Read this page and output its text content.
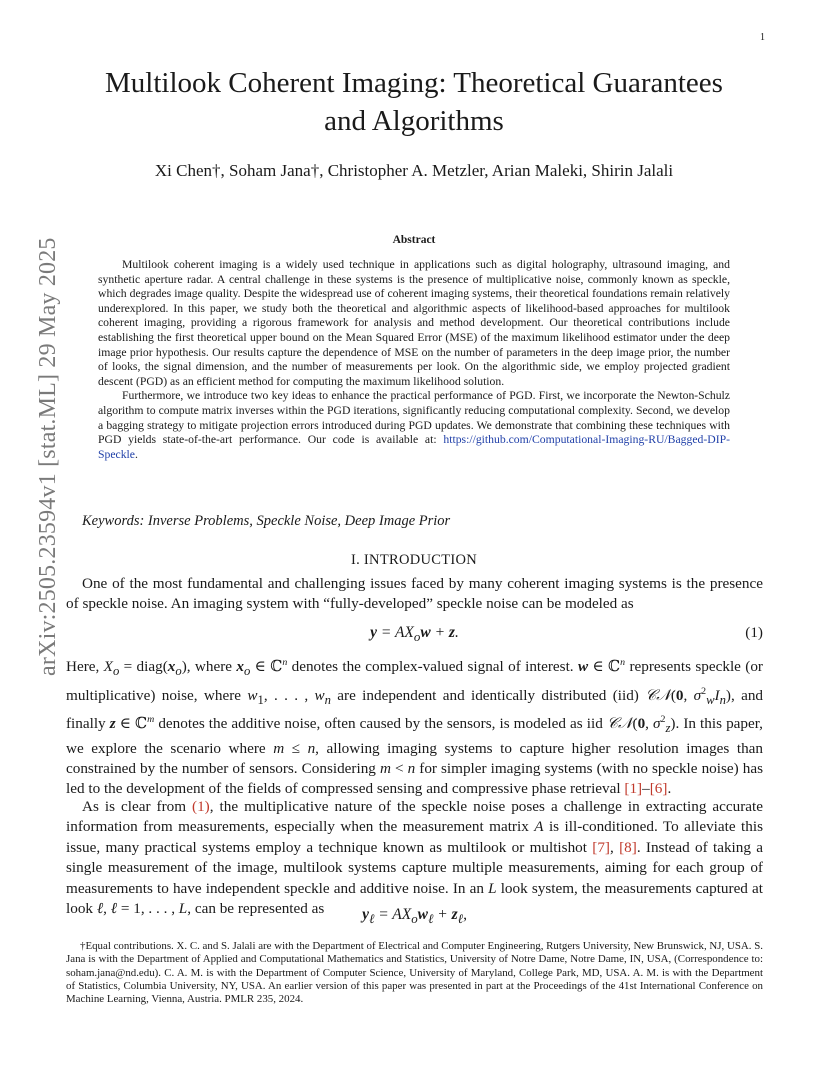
1
arXiv:2505.23594v1 [stat.ML] 29 May 2025
Multilook Coherent Imaging: Theoretical Guarantees
and Algorithms
Xi Chen†, Soham Jana†, Christopher A. Metzler, Arian Maleki, Shirin Jalali
Abstract

Multilook coherent imaging is a widely used technique in applications such as digital holography, ultrasound imaging, and synthetic aperture radar. A central challenge in these systems is the presence of multiplicative noise, commonly known as speckle, which degrades image quality. Despite the widespread use of coherent imaging systems, their theoretical foundations remain relatively underexplored. In this paper, we study both the theoretical and algorithmic aspects of likelihood-based approaches for multilook coherent imaging, providing a rigorous framework for analysis and method development. Our theoretical contributions include establishing the first theoretical upper bound on the Mean Squared Error (MSE) of the maximum likelihood estimator under the deep image prior hypothesis. Our results capture the dependence of MSE on the number of parameters in the deep image prior, the number of looks, the signal dimension, and the number of measurements per look. On the algorithmic side, we employ projected gradient descent (PGD) as an efficient method for computing the maximum likelihood solution.

Furthermore, we introduce two key ideas to enhance the practical performance of PGD. First, we incorporate the Newton-Schulz algorithm to compute matrix inverses within the PGD iterations, significantly reducing computational complexity. Second, we develop a bagging strategy to mitigate projection errors introduced during PGD updates. We demonstrate that combining these techniques with PGD yields state-of-the-art performance. Our code is available at: https://github.com/Computational-Imaging-RU/Bagged-DIP-Speckle.

Keywords: Inverse Problems, Speckle Noise, Deep Image Prior
I. INTRODUCTION

One of the most fundamental and challenging issues faced by many coherent imaging systems is the presence of speckle noise. An imaging system with “fully-developed” speckle noise can be modeled as

$y = AX_ow + z$.	(1)

Here, $X_o$ = $diag(x_o)$, where $x_o$ ∈ ℂ$^n$ denotes the complex-valued signal of interest. w ∈ ℂ$^n$ represents speckle (or multiplicative) noise, where $w_1$, . . . , $w_n$ are independent and identically distributed (iid) 𝒞𝒩(0, $\sigma^2_wI_n$), and finally z ∈ ℂ$^m$ denotes the additive noise, often caused by the sensors, is modeled as iid 𝒞𝒩(0, $\sigma^2_z$). In this paper, we explore the scenario where m ≤ n, allowing imaging systems to capture higher resolution images than constrained by the number of sensors. Considering m < n for simpler imaging systems (with no speckle noise) has led to the development of the fields of compressed sensing and compressive phase retrieval [1]–[6].

As is clear from (1), the multiplicative nature of the speckle noise poses a challenge in extracting accurate information from measurements, especially when the measurement matrix A is ill-conditioned. To alleviate this issue, many practical systems employ a technique known as multilook or multishot [7], [8]. Instead of taking a single measurement of the image, multilook systems capture multiple measurements, aiming for each group of measurements to have independent speckle and additive noise. In an L look system, the measurements captured at look ℓ, ℓ = 1, . . . , L, can be represented as	$y_\ell = AX_ow_\ell + z_\ell$,

†Equal contributions. X. C. and S. Jalali are with the Department of Electrical and Computer Engineering, Rutgers University, New Brunswick, NJ, USA. S. Jana is with the Department of Applied and Computational Mathematics and Statistics, University of Notre Dame, Notre Dame, IN, USA, (Correspondence to: soham.jana@nd.edu). C. A. M. is with the Department of Computer Science, University of Maryland, College Park, MD, USA. A. M. is with the Department of Statistics, Columbia University, NY, USA. An earlier version of this paper was presented in part at the Proceedings of the 41st International Conference on Machine Learning, Vienna, Austria. PMLR 235, 2024.
